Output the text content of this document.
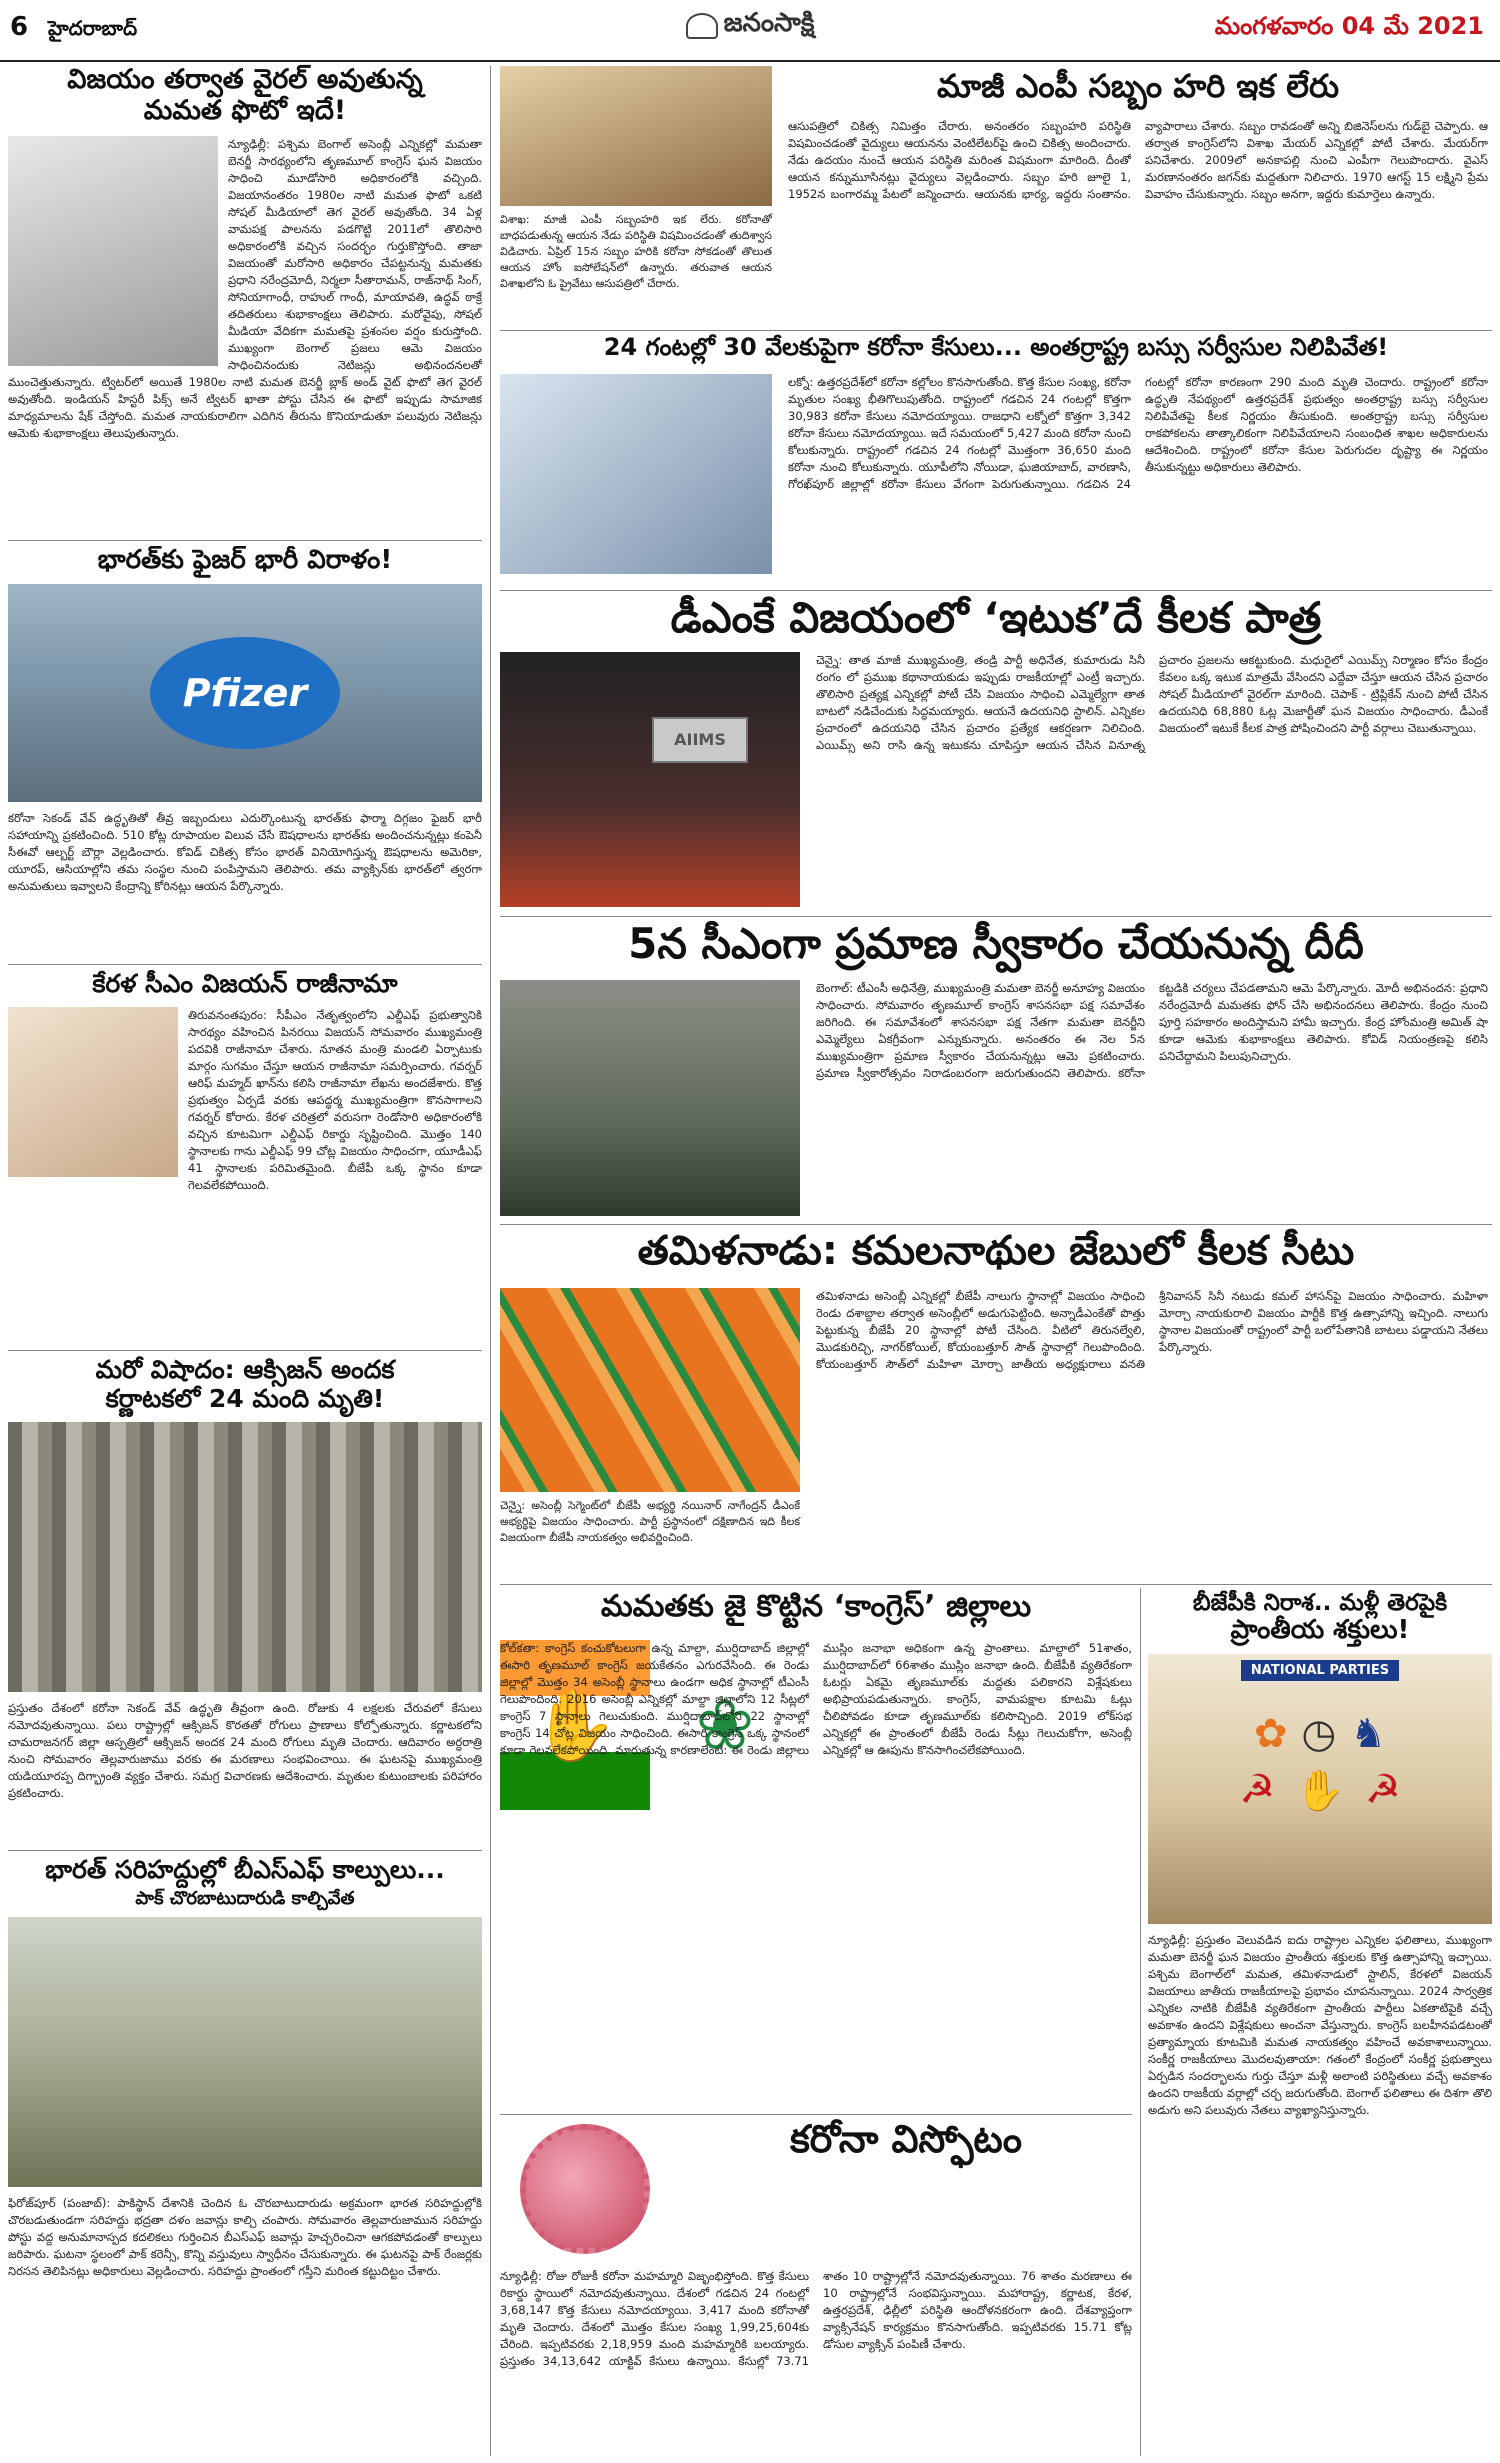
6 హైదరాబాద్	జనంసాక్షి	మంగళవారం 04 మే 2021
విజయం తర్వాత వైరల్ అవుతున్న
మమత ఫొటో ఇదే!
న్యూఢిల్లీ: పశ్చిమ బెంగాల్ అసెంబ్లీ ఎన్నికల్లో మమతా బెనర్జీ సారథ్యంలోని తృణమూల్ కాంగ్రెస్ ఘన విజయం సాధించి మూడోసారి అధికారంలోకి వచ్చింది. విజయానంతరం 1980ల నాటి మమత ఫొటో ఒకటి సోషల్ మీడియాలో తెగ వైరల్ అవుతోంది. 34 ఏళ్ల వామపక్ష పాలనను పడగొట్టి 2011లో తొలిసారి అధికారంలోకి వచ్చిన సందర్భం గుర్తుకొస్తోంది. తాజా విజయంతో మరోసారి అధికారం చేపట్టనున్న మమతకు ప్రధాని నరేంద్రమోదీ, నిర్మలా సీతారామన్, రాజ్‌నాథ్ సింగ్, సోనియాగాంధీ, రాహుల్ గాంధీ, మాయావతి, ఉద్ధవ్ ఠాక్రే తదితరులు శుభాకాంక్షలు తెలిపారు. మరోవైపు, సోషల్ మీడియా వేదికగా మమతపై ప్రశంసల వర్షం కురుస్తోంది. ముఖ్యంగా బెంగాల్ ప్రజలు ఆమె విజయం సాధించినందుకు నెటిజన్లు అభినందనలతో ముంచెత్తుతున్నారు. ట్విటర్‌లో అయితే 1980ల నాటి మమత బెనర్జీ బ్లాక్ అండ్ వైట్ ఫొటో తెగ వైరల్ అవుతోంది. ఇండియన్ హిస్టరీ పిక్స్ అనే ట్విటర్ ఖాతా పోస్టు చేసిన ఈ ఫొటో ఇప్పుడు సామాజిక మాధ్యమాలను షేక్ చేస్తోంది. మమత నాయకురాలిగా ఎదిగిన తీరును కొనియాడుతూ పలువురు నెటిజన్లు ఆమెకు శుభాకాంక్షలు తెలుపుతున్నారు.
భారత్‌కు ఫైజర్ భారీ విరాళం!
Pfizer
కరోనా సెకండ్ వేవ్ ఉద్ధృతితో తీవ్ర ఇబ్బందులు ఎదుర్కొంటున్న భారత్‌కు ఫార్మా దిగ్గజం ఫైజర్ భారీ సహాయాన్ని ప్రకటించింది. 510 కోట్ల రూపాయల విలువ చేసే ఔషధాలను భారత్‌కు అందించనున్నట్లు కంపెనీ సీఈవో ఆల్బర్ట్ బౌర్లా వెల్లడించారు. కోవిడ్ చికిత్స కోసం భారత్ వినియోగిస్తున్న ఔషధాలను అమెరికా, యూరప్, ఆసియాల్లోని తమ సంస్థల నుంచి పంపిస్తామని తెలిపారు. తమ వ్యాక్సిన్‌కు భారత్‌లో త్వరగా అనుమతులు ఇవ్వాలని కేంద్రాన్ని కోరినట్లు ఆయన పేర్కొన్నారు.
కేరళ సీఎం విజయన్ రాజీనామా
తిరువనంతపురం: సీపీఎం నేతృత్వంలోని ఎల్డీఎఫ్ ప్రభుత్వానికి సారథ్యం వహించిన పినరయి విజయన్ సోమవారం ముఖ్యమంత్రి పదవికి రాజీనామా చేశారు. నూతన మంత్రి మండలి ఏర్పాటుకు మార్గం సుగమం చేస్తూ ఆయన రాజీనామా సమర్పించారు. గవర్నర్ ఆరిఫ్ మహ్మద్ ఖాన్‌ను కలిసి రాజీనామా లేఖను అందజేశారు. కొత్త ప్రభుత్వం ఏర్పడే వరకు ఆపద్ధర్మ ముఖ్యమంత్రిగా కొనసాగాలని గవర్నర్ కోరారు. కేరళ చరిత్రలో వరుసగా రెండోసారి అధికారంలోకి వచ్చిన కూటమిగా ఎల్డీఎఫ్ రికార్డు సృష్టించింది. మొత్తం 140 స్థానాలకు గాను ఎల్డీఎఫ్ 99 చోట్ల విజయం సాధించగా, యూడీఎఫ్ 41 స్థానాలకు పరిమితమైంది. బీజేపీ ఒక్క స్థానం కూడా గెలవలేకపోయింది.
మరో విషాదం: ఆక్సిజన్ అందక
కర్ణాటకలో 24 మంది మృతి!
ప్రస్తుతం దేశంలో కరోనా సెకండ్ వేవ్ ఉద్ధృతి తీవ్రంగా ఉంది. రోజుకు 4 లక్షలకు చేరువలో కేసులు నమోదవుతున్నాయి. పలు రాష్ట్రాల్లో ఆక్సిజన్ కొరతతో రోగులు ప్రాణాలు కోల్పోతున్నారు. కర్ణాటకలోని చామరాజనగర్ జిల్లా ఆస్పత్రిలో ఆక్సిజన్ అందక 24 మంది రోగులు మృతి చెందారు. ఆదివారం అర్ధరాత్రి నుంచి సోమవారం తెల్లవారుజాము వరకు ఈ మరణాలు సంభవించాయి. ఈ ఘటనపై ముఖ్యమంత్రి యడియూరప్ప దిగ్భ్రాంతి వ్యక్తం చేశారు. సమగ్ర విచారణకు ఆదేశించారు. మృతుల కుటుంబాలకు పరిహారం ప్రకటించారు.
భారత్ సరిహద్దుల్లో బీఎస్ఎఫ్ కాల్పులు...
పాక్ చొరబాటుదారుడి కాల్చివేత
ఫిరోజ్‌పూర్ (పంజాబ్): పాకిస్థాన్ దేశానికి చెందిన ఓ చొరబాటుదారుడు అక్రమంగా భారత సరిహద్దుల్లోకి చొరబడుతుండగా సరిహద్దు భద్రతా దళం జవాన్లు కాల్చి చంపారు. సోమవారం తెల్లవారుజామున సరిహద్దు పోస్టు వద్ద అనుమానాస్పద కదలికలు గుర్తించిన బీఎస్ఎఫ్ జవాన్లు హెచ్చరించినా ఆగకపోవడంతో కాల్పులు జరిపారు. ఘటనా స్థలంలో పాక్ కరెన్సీ, కొన్ని వస్తువులు స్వాధీనం చేసుకున్నారు. ఈ ఘటనపై పాక్ రేంజర్లకు నిరసన తెలిపినట్లు అధికారులు వెల్లడించారు. సరిహద్దు ప్రాంతంలో గస్తీని మరింత కట్టుదిట్టం చేశారు.
విశాఖ: మాజీ ఎంపీ సబ్బంహరి ఇక లేరు. కరోనాతో బాధపడుతున్న ఆయన నేడు పరిస్థితి విషమించడంతో తుదిశ్వాస విడిచారు. ఏప్రిల్ 15న సబ్బం హరికి కరోనా సోకడంతో తొలుత ఆయన హోం ఐసోలేషన్‌లో ఉన్నారు. తరువాత ఆయన విశాఖలోని ఓ ప్రైవేటు ఆసుపత్రిలో చేరారు.
మాజీ ఎంపీ సబ్బం హరి ఇక లేరు
ఆసుపత్రిలో చికిత్స నిమిత్తం చేరారు. అనంతరం సబ్బంహరి పరిస్థితి విషమించడంతో వైద్యులు ఆయనను వెంటిలేటర్‌పై ఉంచి చికిత్స అందించారు. నేడు ఉదయం నుంచే ఆయన పరిస్థితి మరింత విషమంగా మారింది. దీంతో ఆయన కన్నుమూసినట్లు వైద్యులు వెల్లడించారు. సబ్బం హరి జూలై 1, 1952న బంగారమ్మ పేటలో జన్మించారు. ఆయనకు భార్య, ఇద్దరు సంతానం. వ్యాపారాలు చేశారు. సబ్బం రావడంతో అన్ని బిజినెస్‌లను గుడ్‌బై చెప్పారు. ఆ తర్వాత కాంగ్రెస్‌లోని విశాఖ మేయర్ ఎన్నికల్లో పోటీ చేశారు. మేయర్‌గా పనిచేశారు. 2009లో అనకాపల్లి నుంచి ఎంపీగా గెలుపొందారు. వైఎస్ మరణానంతరం జగన్‌కు మద్దతుగా నిలిచారు. 1970 ఆగస్ట్ 15 లక్ష్మిని ప్రేమ వివాహం చేసుకున్నారు. సబ్బం అనగా, ఇద్దరు కుమార్తెలు ఉన్నారు.
24 గంటల్లో 30 వేలకుపైగా కరోనా కేసులు... అంతర్రాష్ట్ర బస్సు సర్వీసుల నిలిపివేత!
లక్నో: ఉత్తరప్రదేశ్‌లో కరోనా కల్లోలం కొనసాగుతోంది. కొత్త కేసుల సంఖ్య, కరోనా మృతుల సంఖ్య భీతిగొలుపుతోంది. రాష్ట్రంలో గడచిన 24 గంటల్లో కొత్తగా 30,983 కరోనా కేసులు నమోదయ్యాయి. రాజధాని లక్నోలో కొత్తగా 3,342 కరోనా కేసులు నమోదయ్యాయి. ఇదే సమయంలో 5,427 మంది కరోనా నుంచి కోలుకున్నారు. రాష్ట్రంలో గడచిన 24 గంటల్లో మొత్తంగా 36,650 మంది కరోనా నుంచి కోలుకున్నారు. యూపీలోని నోయిడా, ఘజియాబాద్, వారణాసి, గోరఖ్‌పూర్ జిల్లాల్లో కరోనా కేసులు వేగంగా పెరుగుతున్నాయి. గడచిన 24 గంటల్లో కరోనా కారణంగా 290 మంది మృతి చెందారు. రాష్ట్రంలో కరోనా ఉద్ధృతి నేపథ్యంలో ఉత్తరప్రదేశ్ ప్రభుత్వం అంతర్రాష్ట్ర బస్సు సర్వీసుల నిలిపివేతపై కీలక నిర్ణయం తీసుకుంది. అంతర్రాష్ట్ర బస్సు సర్వీసుల రాకపోకలను తాత్కాలికంగా నిలిపివేయాలని సంబంధిత శాఖల అధికారులను ఆదేశించింది. రాష్ట్రంలో కరోనా కేసుల పెరుగుదల దృష్ట్యా ఈ నిర్ణయం తీసుకున్నట్టు అధికారులు తెలిపారు.
డీఎంకే విజయంలో ‘ఇటుక’దే కీలక పాత్ర
AIIMS
చెన్నై: తాత మాజీ ముఖ్యమంత్రి, తండ్రి పార్టీ అధినేత, కుమారుడు సినీ రంగం లో ప్రముఖ కథానాయకుడు ఇప్పుడు రాజకీయాల్లో ఎంట్రీ ఇచ్చారు. తొలిసారి ప్రత్యక్ష ఎన్నికల్లో పోటీ చేసి విజయం సాధించి ఎమ్మెల్యేగా తాత బాటలో నడిచేందుకు సిద్ధమయ్యారు. ఆయనే ఉదయనిధి స్టాలిన్. ఎన్నికల ప్రచారంలో ఉదయనిధి చేసిన ప్రచారం ప్రత్యేక ఆకర్షణగా నిలిచింది. ఎయిమ్స్ అని రాసి ఉన్న ఇటుకను చూపిస్తూ ఆయన చేసిన వినూత్న ప్రచారం ప్రజలను ఆకట్టుకుంది. మధురైలో ఎయిమ్స్ నిర్మాణం కోసం కేంద్రం కేవలం ఒక్క ఇటుక మాత్రమే వేసిందని ఎద్దేవా చేస్తూ ఆయన చేసిన ప్రచారం సోషల్ మీడియాలో వైరల్‌గా మారింది. చెపాక్ - ట్రిప్లికేన్ నుంచి పోటీ చేసిన ఉదయనిధి 68,880 ఓట్ల మెజార్టీతో ఘన విజయం సాధించారు. డీఎంకే విజయంలో ఇటుకే కీలక పాత్ర పోషించిందని పార్టీ వర్గాలు చెబుతున్నాయి.
5న సీఎంగా ప్రమాణ స్వీకారం చేయనున్న దీదీ
బెంగాల్: టీఎంసీ అధినేత్రి, ముఖ్యమంత్రి మమతా బెనర్జీ అనూహ్య విజయం సాధించారు. సోమవారం తృణమూల్ కాంగ్రెస్ శాసనసభా పక్ష సమావేశం జరిగింది. ఈ సమావేశంలో శాసనసభా పక్ష నేతగా మమతా బెనర్జీని ఎమ్మెల్యేలు ఏకగ్రీవంగా ఎన్నుకున్నారు. అనంతరం ఈ నెల 5న ముఖ్యమంత్రిగా ప్రమాణ స్వీకారం చేయనున్నట్లు ఆమె ప్రకటించారు. ప్రమాణ స్వీకారోత్సవం నిరాడంబరంగా జరుగుతుందని తెలిపారు. కరోనా కట్టడికి చర్యలు చేపడతామని ఆమె పేర్కొన్నారు. మోదీ అభినందన: ప్రధాని నరేంద్రమోదీ మమతకు ఫోన్ చేసి అభినందనలు తెలిపారు. కేంద్రం నుంచి పూర్తి సహకారం అందిస్తామని హామీ ఇచ్చారు. కేంద్ర హోంమంత్రి అమిత్ షా కూడా ఆమెకు శుభాకాంక్షలు తెలిపారు. కోవిడ్ నియంత్రణపై కలిసి పనిచేద్దామని పిలుపునిచ్చారు.
తమిళనాడు: కమలనాథుల జేబులో కీలక సీటు
చెన్నై: అసెంబ్లీ సెగ్మెంట్‌లో బీజేపీ అభ్యర్థి నయినార్ నాగేంద్రన్ డీఎంకే అభ్యర్థిపై విజయం సాధించారు. పార్టీ ప్రస్థానంలో దక్షిణాదిన ఇది కీలక విజయంగా బీజేపీ నాయకత్వం అభివర్ణించింది.
తమిళనాడు అసెంబ్లీ ఎన్నికల్లో బీజేపీ నాలుగు స్థానాల్లో విజయం సాధించి రెండు దశాబ్దాల తర్వాత అసెంబ్లీలో అడుగుపెట్టింది. అన్నాడీఎంకేతో పొత్తు పెట్టుకున్న బీజేపీ 20 స్థానాల్లో పోటీ చేసింది. వీటిలో తిరునల్వేలి, మొడకురిచ్చి, నాగర్‌కోయిల్, కోయంబత్తూర్ సౌత్ స్థానాల్లో గెలుపొందింది. కోయంబత్తూర్ సౌత్‌లో మహిళా మోర్చా జాతీయ అధ్యక్షురాలు వనతి శ్రీనివాసన్ సినీ నటుడు కమల్ హాసన్‌పై విజయం సాధించారు. మహిళా మోర్చా నాయకురాలి విజయం పార్టీకి కొత్త ఉత్సాహాన్ని ఇచ్చింది. నాలుగు స్థానాల విజయంతో రాష్ట్రంలో పార్టీ బలోపేతానికి బాటలు పడ్డాయని నేతలు పేర్కొన్నారు.
మమతకు జై కొట్టిన ‘కాంగ్రెస్’ జిల్లాలు
✋ ❀
కోల్‌కతా: కాంగ్రెస్ కంచుకోటలుగా ఉన్న మాల్దా, ముర్షిదాబాద్ జిల్లాల్లో ఈసారి తృణమూల్ కాంగ్రెస్ జయకేతనం ఎగురవేసింది. ఈ రెండు జిల్లాల్లో మొత్తం 34 అసెంబ్లీ స్థానాలు ఉండగా అధిక స్థానాల్లో టీఎంసీ గెలుపొందింది. 2016 అసెంబ్లీ ఎన్నికల్లో మాల్దా జిల్లాలోని 12 సీట్లలో కాంగ్రెస్ 7 స్థానాలు గెలుచుకుంది. ముర్షిదాబాద్‌లోని 22 స్థానాల్లో కాంగ్రెస్ 14 చోట్ల విజయం సాధించింది. ఈసారి కాంగ్రెస్ ఒక్క స్థానంలో కూడా గెలవలేకపోయింది. మారుతున్న కారణాలేంటి: ఈ రెండు జిల్లాలు ముస్లిం జనాభా అధికంగా ఉన్న ప్రాంతాలు. మాల్దాలో 51శాతం, ముర్షిదాబాద్‌లో 66శాతం ముస్లిం జనాభా ఉంది. బీజేపీకి వ్యతిరేకంగా ఓటర్లు ఏకమై తృణమూల్‌కు మద్దతు పలికారని విశ్లేషకులు అభిప్రాయపడుతున్నారు. కాంగ్రెస్, వామపక్షాల కూటమి ఓట్లు చీలిపోవడం కూడా తృణమూల్‌కు కలిసొచ్చింది. 2019 లోక్‌సభ ఎన్నికల్లో ఈ ప్రాంతంలో బీజేపీ రెండు సీట్లు గెలుచుకోగా, అసెంబ్లీ ఎన్నికల్లో ఆ ఊపును కొనసాగించలేకపోయింది.
బీజేపీకి నిరాశ.. మళ్లీ తెరపైకి
ప్రాంతీయ శక్తులు!
NATIONAL PARTIES
✿ ◷ ♞
☭ ✋ ☭
న్యూఢిల్లీ: ప్రస్తుతం వెలువడిన ఐదు రాష్ట్రాల ఎన్నికల ఫలితాలు, ముఖ్యంగా మమతా బెనర్జీ ఘన విజయం ప్రాంతీయ శక్తులకు కొత్త ఉత్సాహాన్ని ఇచ్చాయి. పశ్చిమ బెంగాల్‌లో మమత, తమిళనాడులో స్టాలిన్, కేరళలో విజయన్ విజయాలు జాతీయ రాజకీయాలపై ప్రభావం చూపనున్నాయి. 2024 సార్వత్రిక ఎన్నికల నాటికి బీజేపీకి వ్యతిరేకంగా ప్రాంతీయ పార్టీలు ఏకతాటిపైకి వచ్చే అవకాశం ఉందని విశ్లేషకులు అంచనా వేస్తున్నారు. కాంగ్రెస్ బలహీనపడటంతో ప్రత్యామ్నాయ కూటమికి మమత నాయకత్వం వహించే అవకాశాలున్నాయి. సంకీర్ణ రాజకీయాలు మొదలవుతాయా: గతంలో కేంద్రంలో సంకీర్ణ ప్రభుత్వాలు ఏర్పడిన సందర్భాలను గుర్తు చేస్తూ మళ్లీ అలాంటి పరిస్థితులు వచ్చే అవకాశం ఉందని రాజకీయ వర్గాల్లో చర్చ జరుగుతోంది. బెంగాల్ ఫలితాలు ఈ దిశగా తొలి అడుగు అని పలువురు నేతలు వ్యాఖ్యానిస్తున్నారు.
కరోనా విస్ఫోటం
న్యూఢిల్లీ: రోజు రోజుకీ కరోనా మహమ్మారి విజృంభిస్తోంది. కొత్త కేసులు రికార్డు స్థాయిలో నమోదవుతున్నాయి. దేశంలో గడచిన 24 గంటల్లో 3,68,147 కొత్త కేసులు నమోదయ్యాయి. 3,417 మంది కరోనాతో మృతి చెందారు. దేశంలో మొత్తం కేసుల సంఖ్య 1,99,25,604కు చేరింది. ఇప్పటివరకు 2,18,959 మంది మహమ్మారికి బలయ్యారు. ప్రస్తుతం 34,13,642 యాక్టివ్ కేసులు ఉన్నాయి. కేసుల్లో 73.71 శాతం 10 రాష్ట్రాల్లోనే నమోదవుతున్నాయి. 76 శాతం మరణాలు ఈ 10 రాష్ట్రాల్లోనే సంభవిస్తున్నాయి. మహారాష్ట్ర, కర్ణాటక, కేరళ, ఉత్తరప్రదేశ్, ఢిల్లీలో పరిస్థితి ఆందోళనకరంగా ఉంది. దేశవ్యాప్తంగా వ్యాక్సినేషన్ కార్యక్రమం కొనసాగుతోంది. ఇప్పటివరకు 15.71 కోట్ల డోసుల వ్యాక్సిన్ పంపిణీ చేశారు.
